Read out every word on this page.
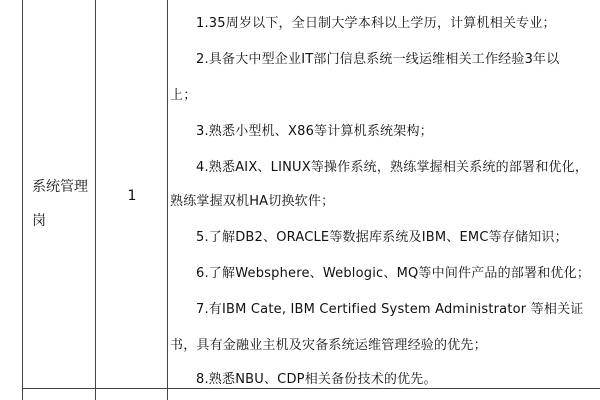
系统管理岗
1
1.35周岁以下，全日制大学本科以上学历，计算机相关专业；
2.具备大中型企业IT部门信息系统一线运维相关工作经验3年以
上；
3.熟悉小型机、X86等计算机系统架构；
4.熟悉AIX、LINUX等操作系统，熟练掌握相关系统的部署和优化，
熟练掌握双机HA切换软件；
5.了解DB2、ORACLE等数据库系统及IBM、EMC等存储知识；
6.了解Websphere、Weblogic、MQ等中间件产品的部署和优化；
7.有IBM Cate, IBM Certified System Administrator 等相关证
书，具有金融业主机及灾备系统运维管理经验的优先；
8.熟悉NBU、CDP相关备份技术的优先。
